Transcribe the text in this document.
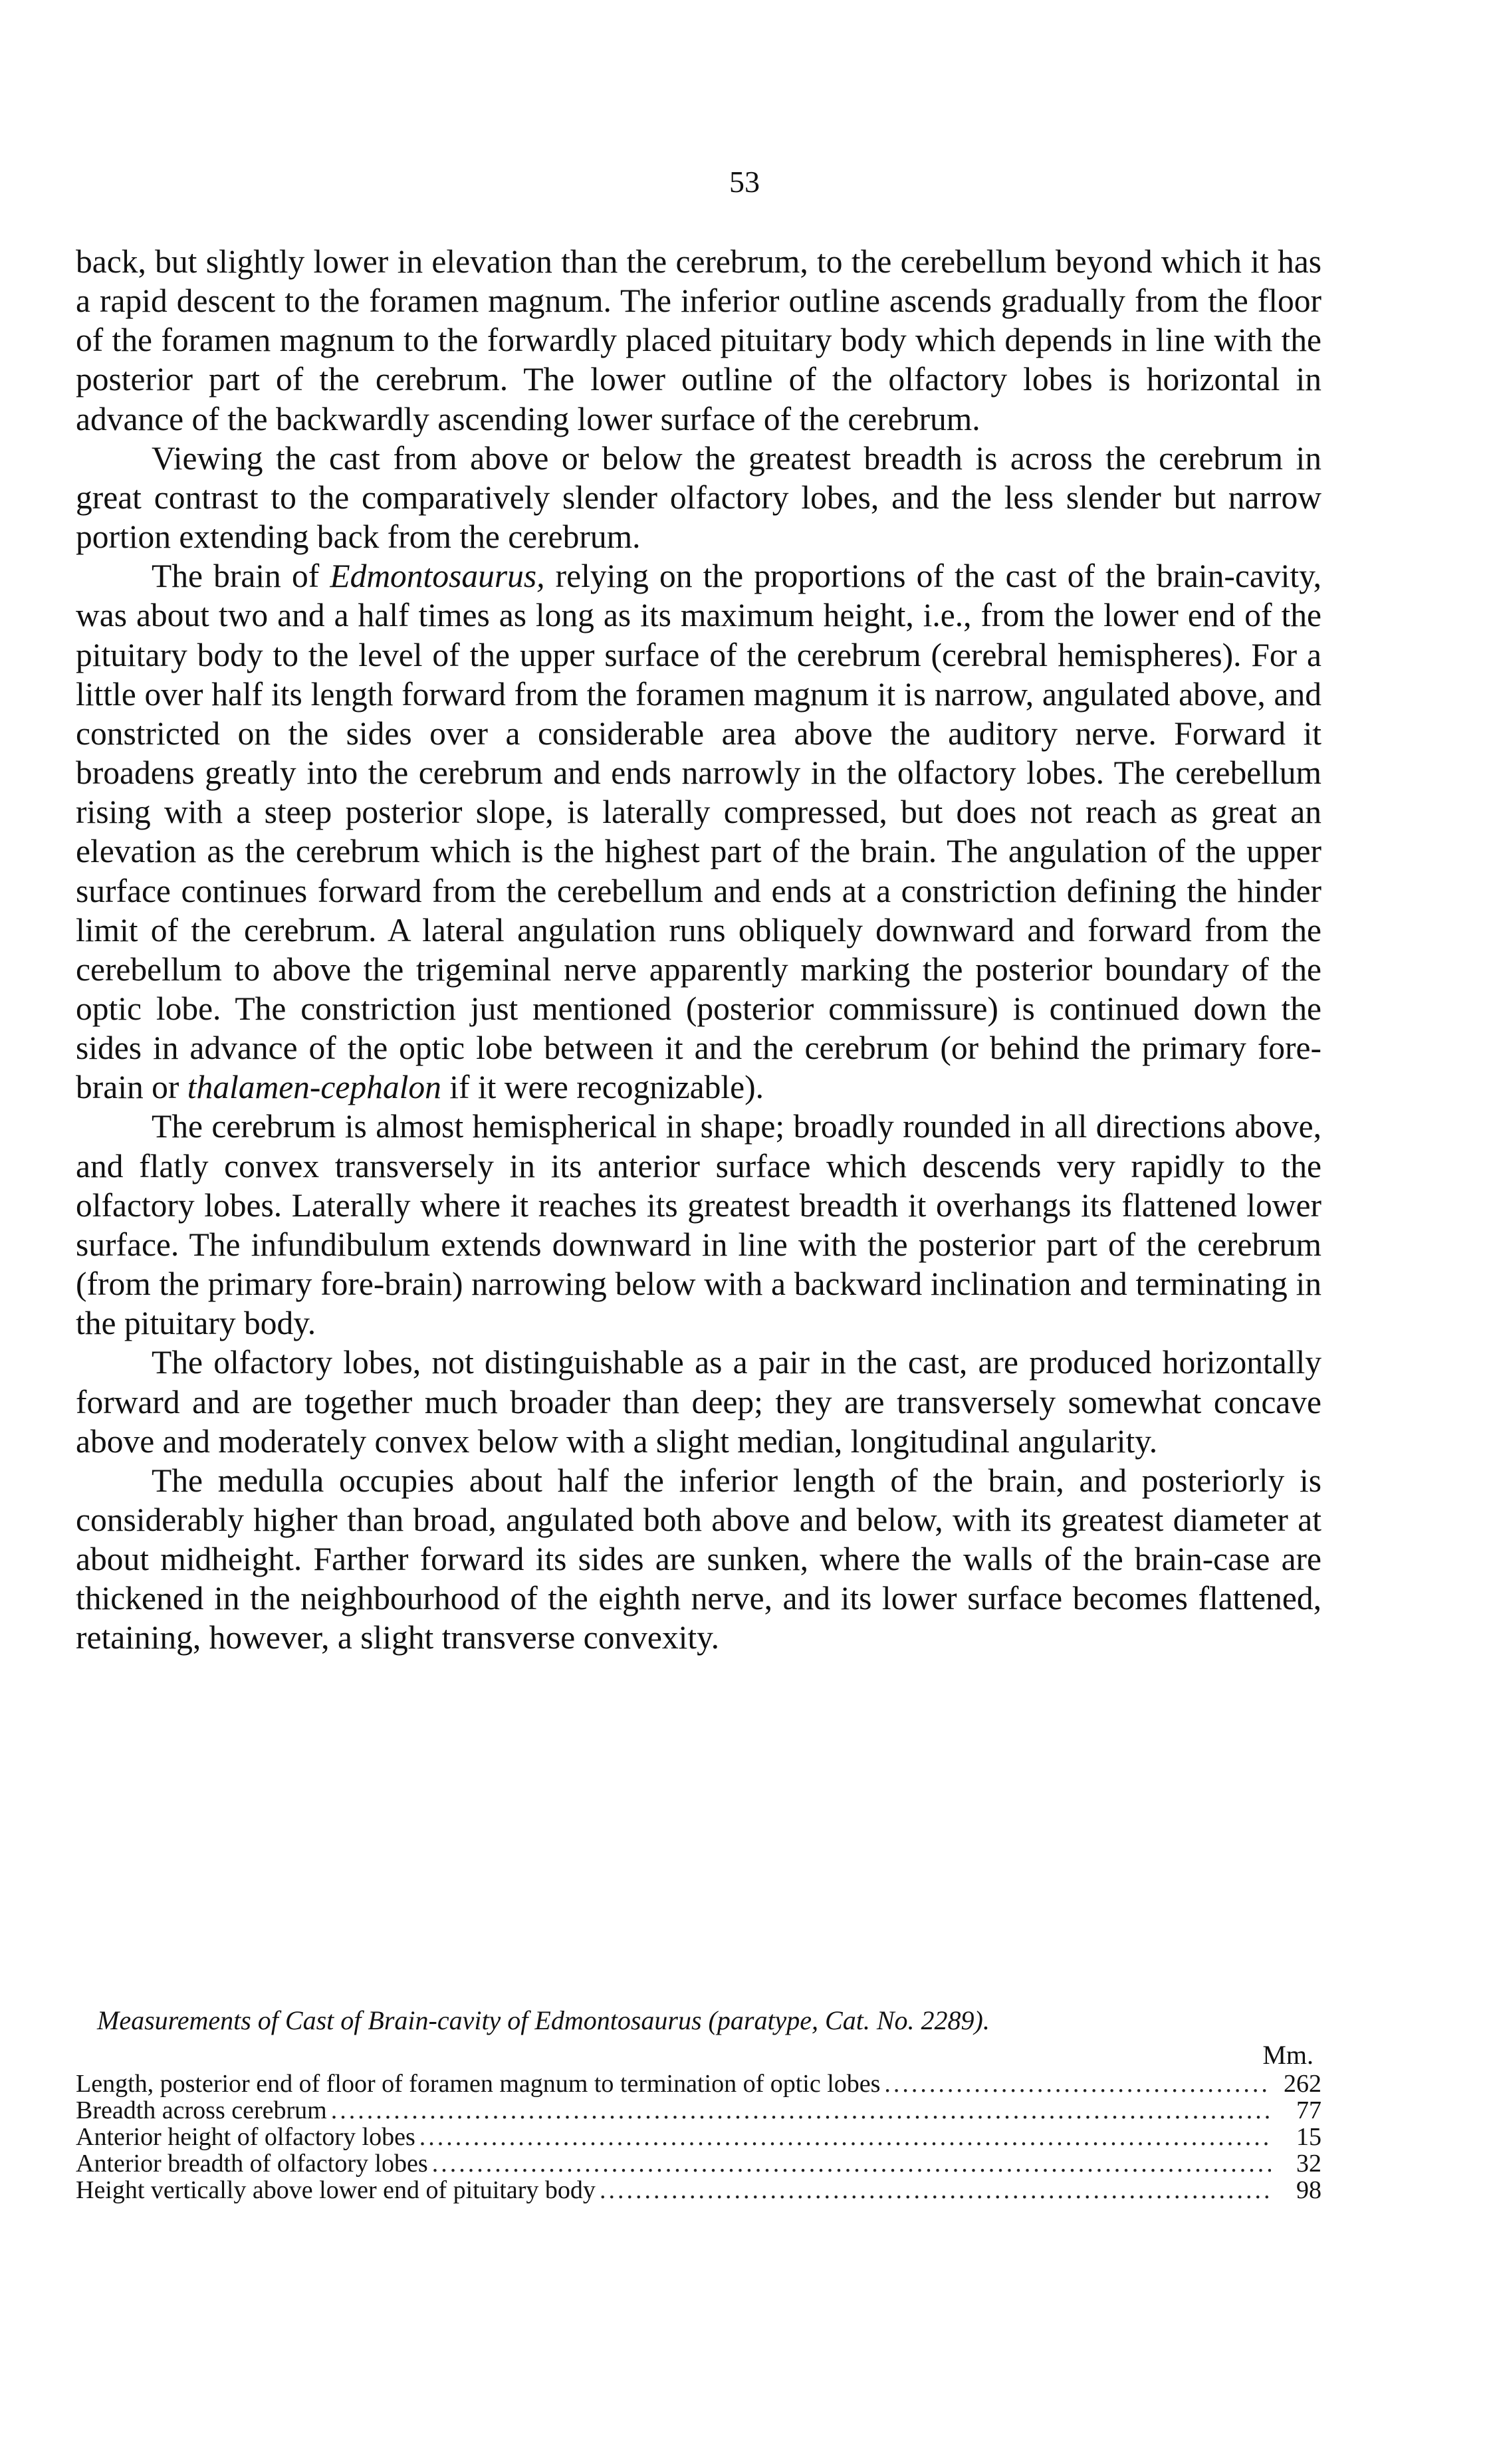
53

back, but slightly lower in elevation than the cerebrum, to the cerebellum beyond which it has a rapid descent to the foramen magnum. The inferior outline ascends gradually from the floor of the foramen magnum to the forwardly placed pituitary body which depends in line with the posterior part of the cerebrum. The lower outline of the olfactory lobes is horizontal in advance of the backwardly ascending lower surface of the cerebrum.

Viewing the cast from above or below the greatest breadth is across the cerebrum in great contrast to the comparatively slender olfactory lobes, and the less slender but narrow portion extending back from the cerebrum.

The brain of Edmontosaurus, relying on the proportions of the cast of the brain-cavity, was about two and a half times as long as its maximum height, i.e., from the lower end of the pituitary body to the level of the upper surface of the cerebrum (cerebral hemispheres). For a little over half its length forward from the foramen magnum it is narrow, angulated above, and constricted on the sides over a considerable area above the auditory nerve. Forward it broadens greatly into the cerebrum and ends narrowly in the olfactory lobes. The cerebellum rising with a steep posterior slope, is laterally compressed, but does not reach as great an elevation as the cerebrum which is the highest part of the brain. The angulation of the upper surface continues forward from the cerebellum and ends at a constriction defining the hinder limit of the cerebrum. A lateral angulation runs obliquely downward and forward from the cerebellum to above the trigeminal nerve apparently marking the posterior boundary of the optic lobe. The constriction just mentioned (posterior commissure) is continued down the sides in advance of the optic lobe between it and the cerebrum (or behind the primary fore-brain or thalamen-cephalon if it were recognizable).

The cerebrum is almost hemispherical in shape; broadly rounded in all directions above, and flatly convex transversely in its anterior surface which descends very rapidly to the olfactory lobes. Laterally where it reaches its greatest breadth it overhangs its flattened lower surface. The infundibulum extends downward in line with the posterior part of the cerebrum (from the primary fore-brain) narrowing below with a backward inclination and terminating in the pituitary body.

The olfactory lobes, not distinguishable as a pair in the cast, are produced horizontally forward and are together much broader than deep; they are transversely somewhat concave above and moderately convex below with a slight median, longitudinal angularity.

The medulla occupies about half the inferior length of the brain, and posteriorly is considerably higher than broad, angulated both above and below, with its greatest diameter at about midheight. Farther forward its sides are sunken, where the walls of the brain-case are thickened in the neighbourhood of the eighth nerve, and its lower surface becomes flattened, retaining, however, a slight transverse convexity.

Measurements of Cast of Brain-cavity of Edmontosaurus (paratype, Cat. No. 2289).
Mm.
Length, posterior end of floor of foramen magnum to termination of optic lobes .....	262
Breadth across cerebrum .....	77
Anterior height of olfactory lobes .....	15
Anterior breadth of olfactory lobes .....	32
Height vertically above lower end of pituitary body .....	98
